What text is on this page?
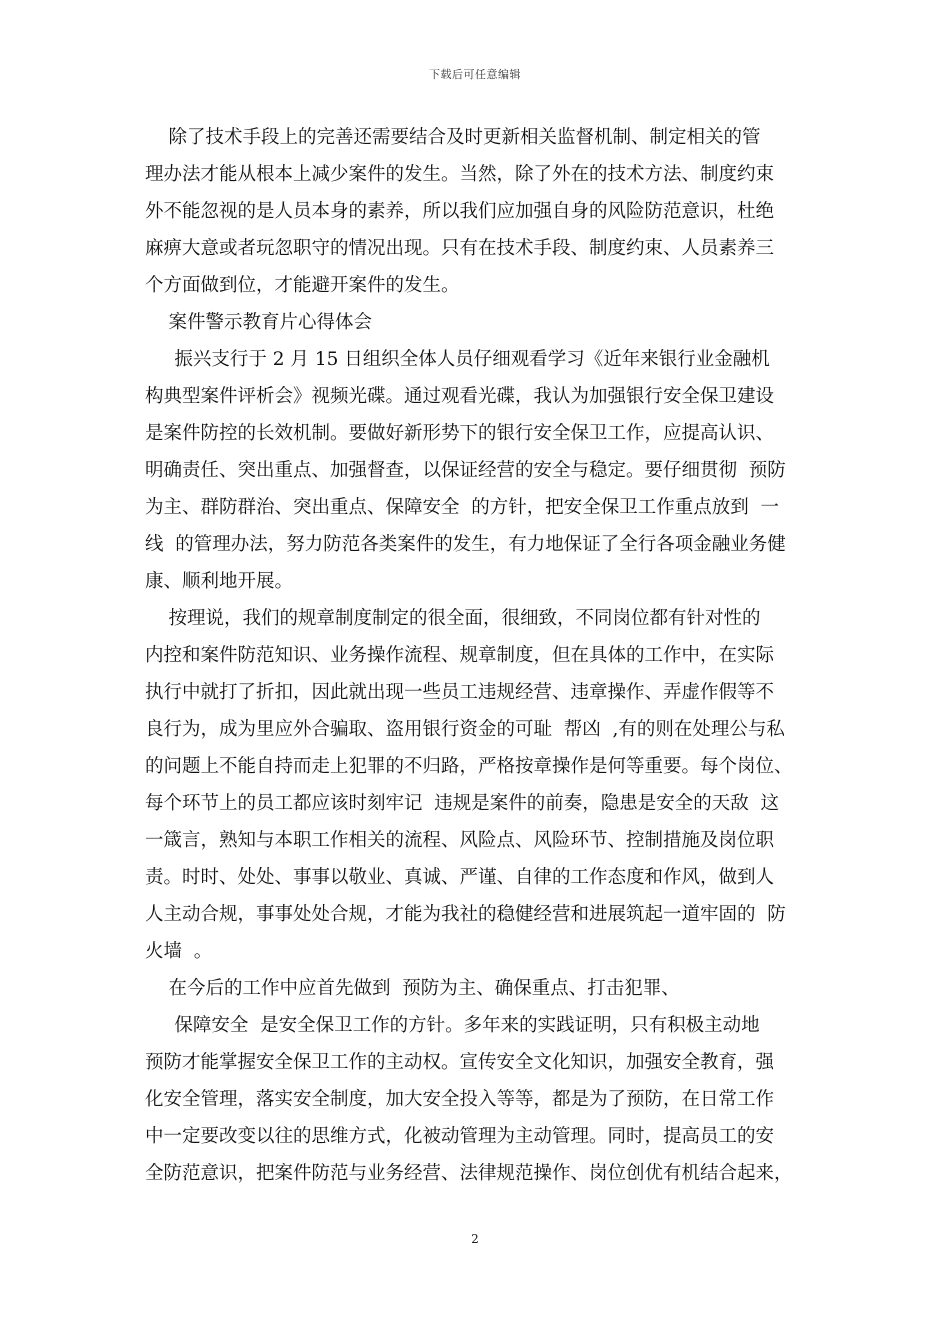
下载后可任意编辑
除了技术手段上的完善还需要结合及时更新相关监督机制、制定相关的管
理办法才能从根本上减少案件的发生。当然，除了外在的技术方法、制度约束
外不能忽视的是人员本身的素养，所以我们应加强自身的风险防范意识，杜绝
麻痹大意或者玩忽职守的情况出现。只有在技术手段、制度约束、人员素养三
个方面做到位，才能避开案件的发生。
案件警示教育片心得体会
振兴支行于 2 月 15 日组织全体人员仔细观看学习《近年来银行业金融机
构典型案件评析会》视频光碟。通过观看光碟，我认为加强银行安全保卫建设
是案件防控的长效机制。要做好新形势下的银行安全保卫工作，应提高认识、
明确责任、突出重点、加强督查，以保证经营的安全与稳定。要仔细贯彻  预防
为主、群防群治、突出重点、保障安全  的方针，把安全保卫工作重点放到  一
线  的管理办法，努力防范各类案件的发生，有力地保证了全行各项金融业务健
康、顺利地开展。
按理说，我们的规章制度制定的很全面，很细致，不同岗位都有针对性的
内控和案件防范知识、业务操作流程、规章制度，但在具体的工作中，在实际
执行中就打了折扣，因此就出现一些员工违规经营、违章操作、弄虚作假等不
良行为，成为里应外合骗取、盗用银行资金的可耻  帮凶  ,有的则在处理公与私
的问题上不能自持而走上犯罪的不归路，严格按章操作是何等重要。每个岗位、
每个环节上的员工都应该时刻牢记  违规是案件的前奏，隐患是安全的天敌  这
一箴言，熟知与本职工作相关的流程、风险点、风险环节、控制措施及岗位职
责。时时、处处、事事以敬业、真诚、严谨、自律的工作态度和作风，做到人
人主动合规，事事处处合规，才能为我社的稳健经营和进展筑起一道牢固的  防
火墙  。
在今后的工作中应首先做到  预防为主、确保重点、打击犯罪、
保障安全  是安全保卫工作的方针。多年来的实践证明，只有积极主动地
预防才能掌握安全保卫工作的主动权。宣传安全文化知识，加强安全教育，强
化安全管理，落实安全制度，加大安全投入等等，都是为了预防，在日常工作
中一定要改变以往的思维方式，化被动管理为主动管理。同时，提高员工的安
全防范意识，把案件防范与业务经营、法律规范操作、岗位创优有机结合起来，
2
